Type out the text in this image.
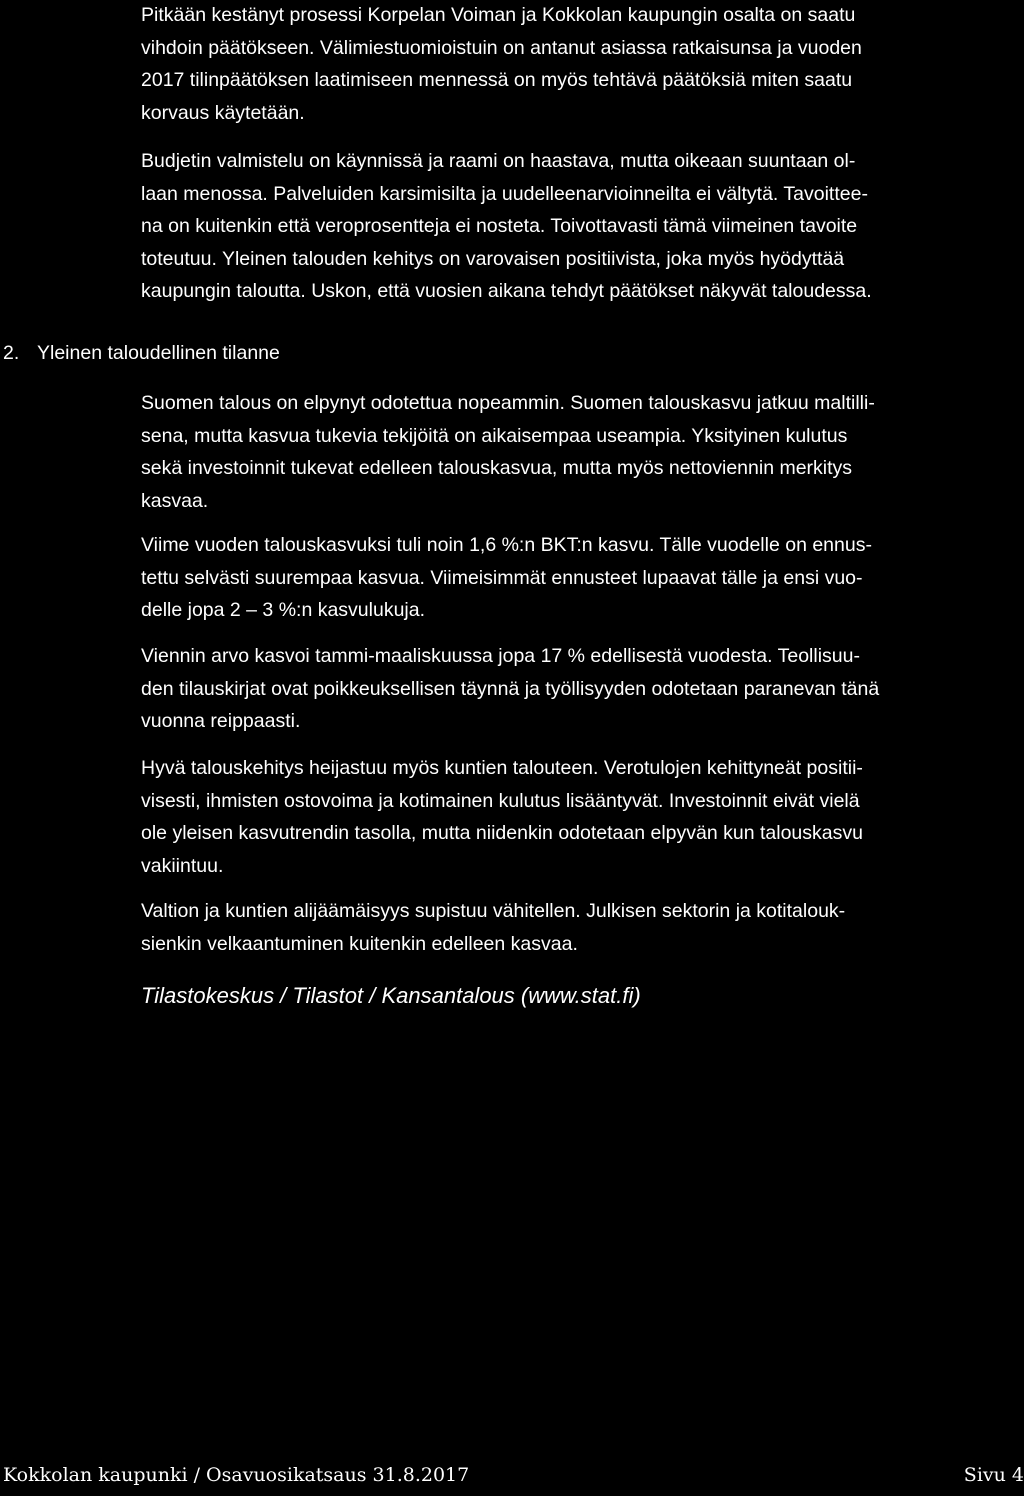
Pitkään kestänyt prosessi Korpelan Voiman ja Kokkolan kaupungin osalta on saatu
vihdoin päätökseen. Välimiestuomioistuin on antanut asiassa ratkaisunsa ja vuoden
2017 tilinpäätöksen laatimiseen mennessä on myös tehtävä päätöksiä miten saatu
korvaus käytetään.
Budjetin valmistelu on käynnissä ja raami on haastava, mutta oikeaan suuntaan ol-
laan menossa. Palveluiden karsimisilta ja uudelleenarvioinneilta ei vältytä. Tavoittee-
na on kuitenkin että veroprosentteja ei nosteta. Toivottavasti tämä viimeinen tavoite
toteutuu. Yleinen talouden kehitys on varovaisen positiivista, joka myös hyödyttää
kaupungin taloutta. Uskon, että vuosien aikana tehdyt päätökset näkyvät taloudessa.
2. Yleinen taloudellinen tilanne
Suomen talous on elpynyt odotettua nopeammin. Suomen talouskasvu jatkuu maltilli-
sena, mutta kasvua tukevia tekijöitä on aikaisempaa useampia. Yksityinen kulutus
sekä investoinnit tukevat edelleen talouskasvua, mutta myös nettoviennin merkitys
kasvaa.
Viime vuoden talouskasvuksi tuli noin 1,6 %:n BKT:n kasvu. Tälle vuodelle on ennus-
tettu selvästi suurempaa kasvua. Viimeisimmät ennusteet lupaavat tälle ja ensi vuo-
delle jopa 2 – 3 %:n kasvulukuja.
Viennin arvo kasvoi tammi-maaliskuussa jopa 17 % edellisestä vuodesta. Teollisuu-
den tilauskirjat ovat poikkeuksellisen täynnä ja työllisyyden odotetaan paranevan tänä
vuonna reippaasti.
Hyvä talouskehitys heijastuu myös kuntien talouteen. Verotulojen kehittyneät positii-
visesti, ihmisten ostovoima ja kotimainen kulutus lisääntyvät. Investoinnit eivät vielä
ole yleisen kasvutrendin tasolla, mutta niidenkin odotetaan elpyvän kun talouskasvu
vakiintuu.
Valtion ja kuntien alijäämäisyys supistuu vähitellen. Julkisen sektorin ja kotitalouk-
sienkin velkaantuminen kuitenkin edelleen kasvaa.
Tilastokeskus / Tilastot / Kansantalous (www.stat.fi)
Kokkolan kaupunki / Osavuosikatsaus 31.8.2017	Sivu 4
